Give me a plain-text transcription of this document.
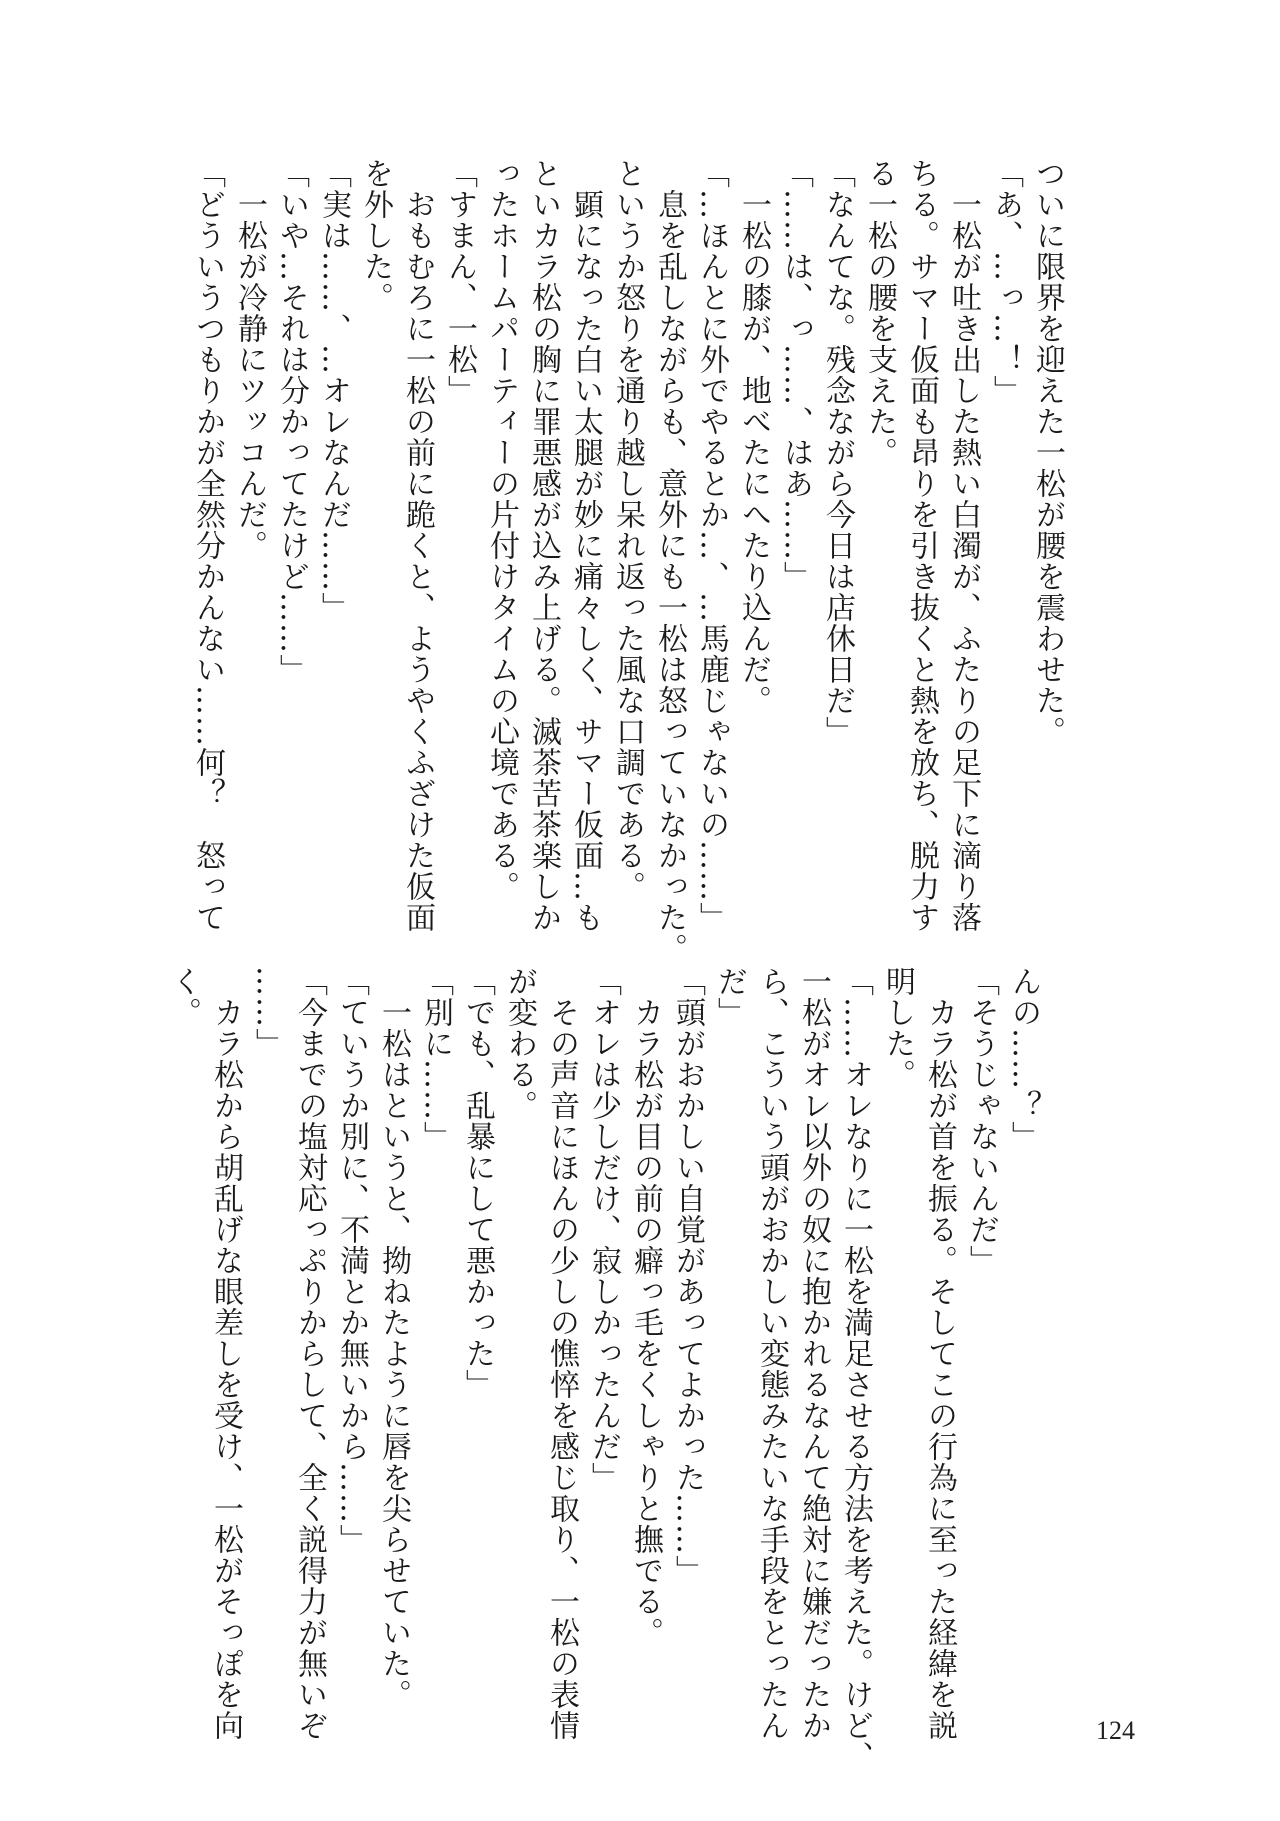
ついに限界を迎えた一松が腰を震わせた。
「あ、…っ…！」
　一松が吐き出した熱い白濁が、ふたりの足下に滴り落
ちる。サマー仮面も昂りを引き抜くと熱を放ち、脱力す
る一松の腰を支えた。
「なんてな。残念ながら今日は店休日だ」
「……は、っ……、はあ……」
　一松の膝が、地べたにへたり込んだ。
「…ほんとに外でやるとか…、…馬鹿じゃないの……」
　息を乱しながらも、意外にも一松は怒っていなかった。
というか怒りを通り越し呆れ返った風な口調である。
　顕になった白い太腿が妙に痛々しく、サマー仮面…も
といカラ松の胸に罪悪感が込み上げる。滅茶苦茶楽しか
ったホームパーティーの片付けタイムの心境である。
「すまん、一松」
　おもむろに一松の前に跪くと、ようやくふざけた仮面
を外した。
「実は……、…オレなんだ……」
「いや…それは分かってたけど……」
　一松が冷静にツッコんだ。
「どういうつもりかが全然分かんない……何？　怒って
んの……？」
「そうじゃないんだ」
　カラ松が首を振る。そしてこの行為に至った経緯を説
明した。
「……オレなりに一松を満足させる方法を考えた。けど、
一松がオレ以外の奴に抱かれるなんて絶対に嫌だったか
ら、こういう頭がおかしい変態みたいな手段をとったん
だ」
「頭がおかしい自覚があってよかった……」
　カラ松が目の前の癖っ毛をくしゃりと撫でる。
「オレは少しだけ、寂しかったんだ」
　その声音にほんの少しの憔悴を感じ取り、一松の表情
が変わる。
「でも、乱暴にして悪かった」
「別に……」
　一松はというと、拗ねたように唇を尖らせていた。
「ていうか別に、不満とか無いから……」
「今までの塩対応っぷりからして、全く説得力が無いぞ
……」
　カラ松から胡乱げな眼差しを受け、一松がそっぽを向
く。
124
